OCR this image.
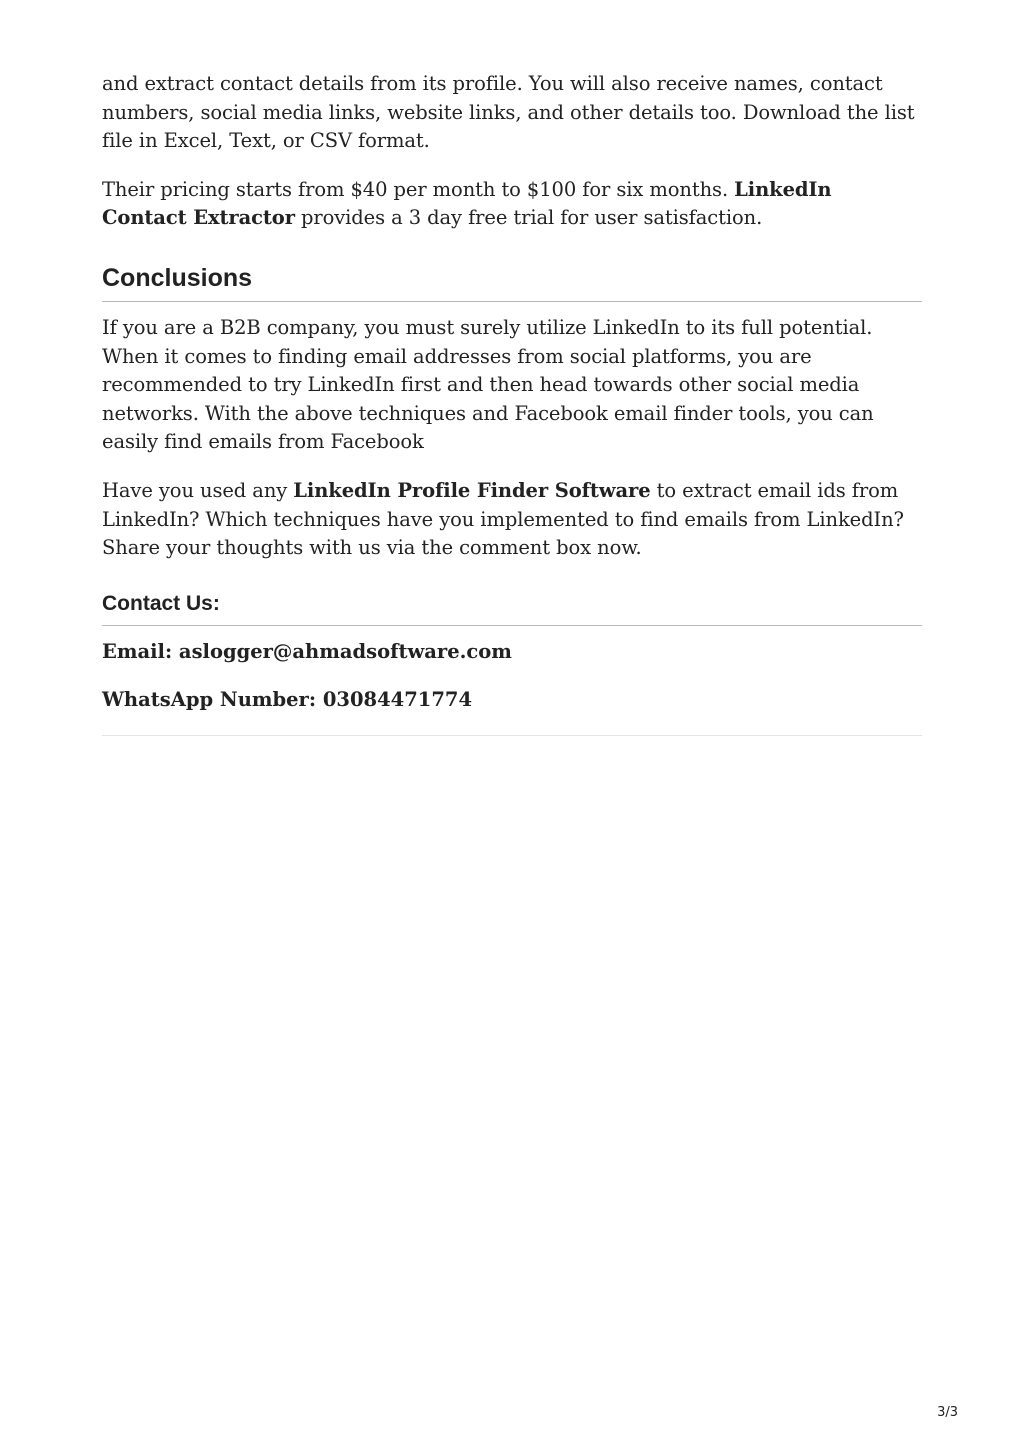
and extract contact details from its profile. You will also receive names, contact numbers, social media links, website links, and other details too. Download the list file in Excel, Text, or CSV format.

Their pricing starts from $40 per month to $100 for six months. LinkedIn Contact Extractor provides a 3 day free trial for user satisfaction.

Conclusions

If you are a B2B company, you must surely utilize LinkedIn to its full potential. When it comes to finding email addresses from social platforms, you are recommended to try LinkedIn first and then head towards other social media networks. With the above techniques and Facebook email finder tools, you can easily find emails from Facebook

Have you used any LinkedIn Profile Finder Software to extract email ids from LinkedIn? Which techniques have you implemented to find emails from LinkedIn? Share your thoughts with us via the comment box now.

Contact Us:
Email: aslogger@ahmadsoftware.com
WhatsApp Number: 03084471774
3/3
